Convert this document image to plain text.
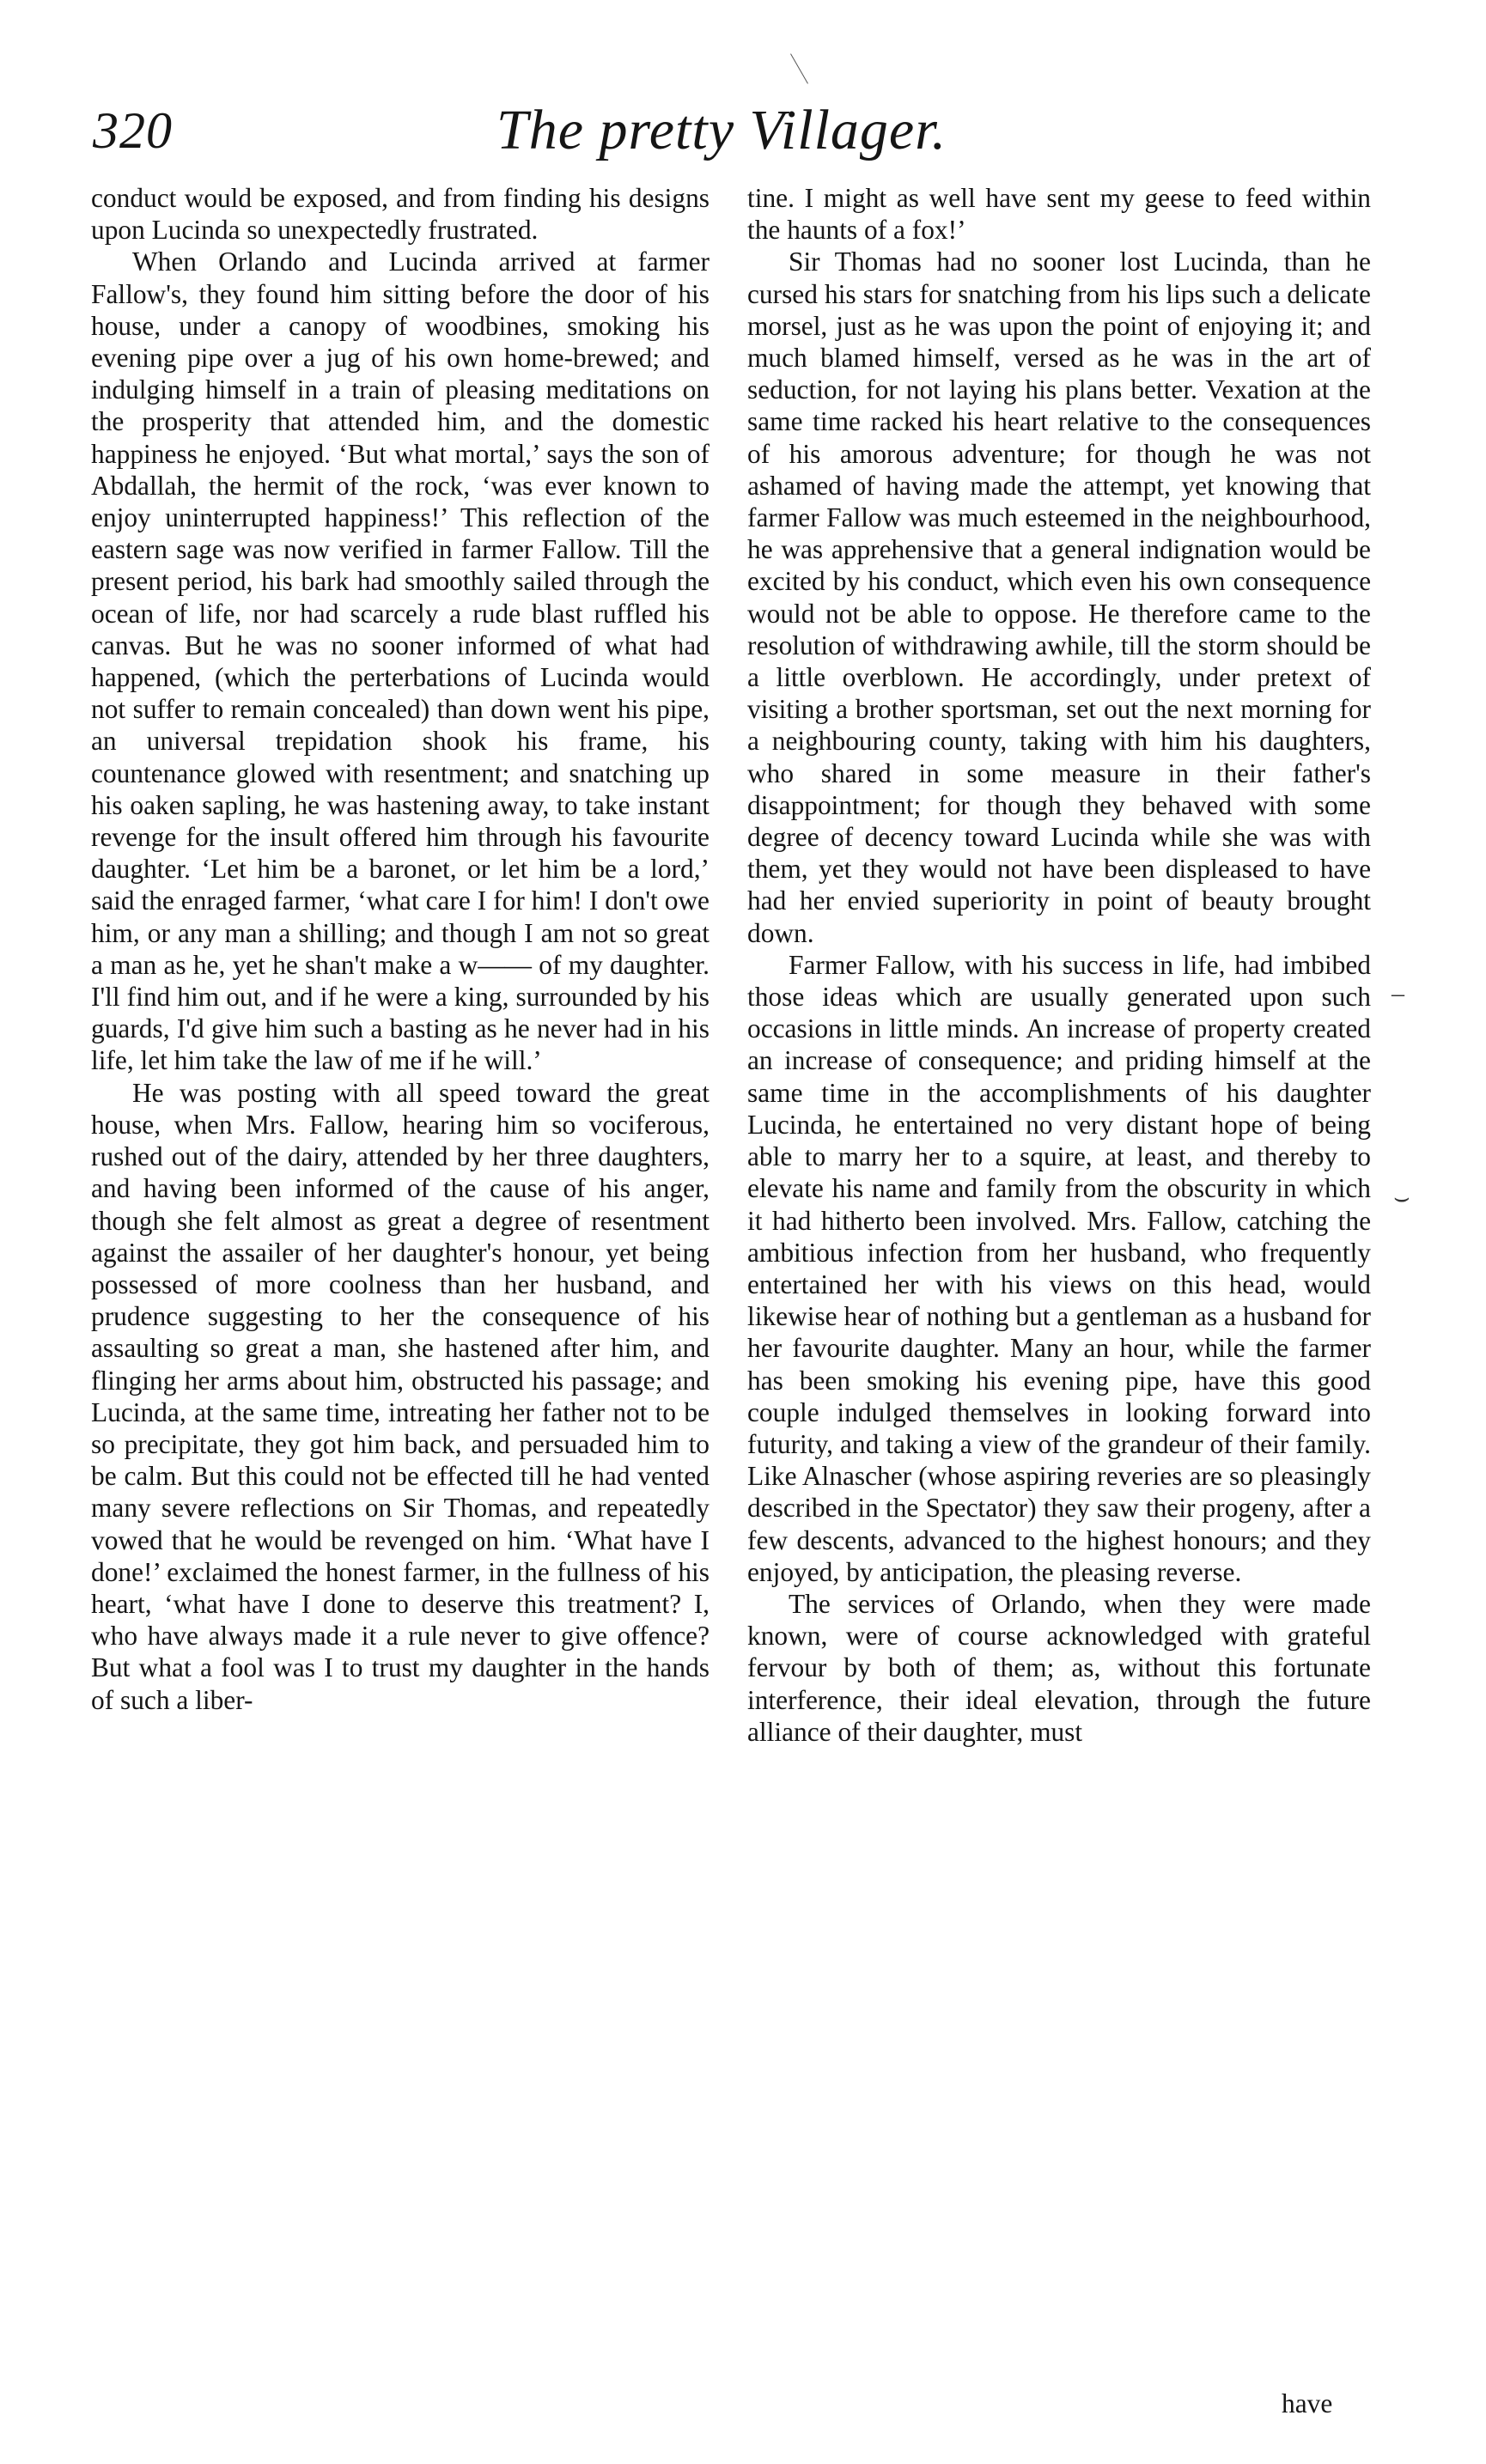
320	The pretty Villager.

conduct would be exposed, and from finding his designs upon Lucinda so unexpectedly frustrated.

When Orlando and Lucinda arrived at farmer Fallow's, they found him sitting before the door of his house, under a canopy of woodbines, smoking his evening pipe over a jug of his own home-brewed; and indulging himself in a train of pleasing meditations on the prosperity that attended him, and the domestic happiness he enjoyed. ‘But what mortal,’ says the son of Abdallah, the hermit of the rock, ‘was ever known to enjoy uninterrupted happiness!’ This reflection of the eastern sage was now verified in farmer Fallow. Till the present period, his bark had smoothly sailed through the ocean of life, nor had scarcely a rude blast ruffled his canvas. But he was no sooner informed of what had happened, (which the perterbations of Lucinda would not suffer to remain concealed) than down went his pipe, an universal trepidation shook his frame, his countenance glowed with resentment; and snatching up his oaken sapling, he was hastening away, to take instant revenge for the insult offered him through his favourite daughter. ‘Let him be a baronet, or let him be a lord,’ said the enraged farmer, ‘what care I for him! I don't owe him, or any man a shilling; and though I am not so great a man as he, yet he shan't make a w—— of my daughter. I'll find him out, and if he were a king, surrounded by his guards, I'd give him such a basting as he never had in his life, let him take the law of me if he will.’

He was posting with all speed toward the great house, when Mrs. Fallow, hearing him so vociferous, rushed out of the dairy, attended by her three daughters, and having been informed of the cause of his anger, though she felt almost as great a degree of resentment against the assailer of her daughter's honour, yet being possessed of more coolness than her husband, and prudence suggesting to her the consequence of his assaulting so great a man, she hastened after him, and flinging her arms about him, obstructed his passage; and Lucinda, at the same time, intreating her father not to be so precipitate, they got him back, and persuaded him to be calm. But this could not be effected till he had vented many severe reflections on Sir Thomas, and repeatedly vowed that he would be revenged on him. ‘What have I done!’ exclaimed the honest farmer, in the fullness of his heart, ‘what have I done to deserve this treatment? I, who have always made it a rule never to give offence? But what a fool was I to trust my daughter in the hands of such a liber-

tine. I might as well have sent my geese to feed within the haunts of a fox!’

Sir Thomas had no sooner lost Lucinda, than he cursed his stars for snatching from his lips such a delicate morsel, just as he was upon the point of enjoying it; and much blamed himself, versed as he was in the art of seduction, for not laying his plans better. Vexation at the same time racked his heart relative to the consequences of his amorous adventure; for though he was not ashamed of having made the attempt, yet knowing that farmer Fallow was much esteemed in the neighbourhood, he was apprehensive that a general indignation would be excited by his conduct, which even his own consequence would not be able to oppose. He therefore came to the resolution of withdrawing awhile, till the storm should be a little overblown. He accordingly, under pretext of visiting a brother sportsman, set out the next morning for a neighbouring county, taking with him his daughters, who shared in some measure in their father's disappointment; for though they behaved with some degree of decency toward Lucinda while she was with them, yet they would not have been displeased to have had her envied superiority in point of beauty brought down.

Farmer Fallow, with his success in life, had imbibed those ideas which are usually generated upon such occasions in little minds. An increase of property created an increase of consequence; and priding himself at the same time in the accomplishments of his daughter Lucinda, he entertained no very distant hope of being able to marry her to a squire, at least, and thereby to elevate his name and family from the obscurity in which it had hitherto been involved. Mrs. Fallow, catching the ambitious infection from her husband, who frequently entertained her with his views on this head, would likewise hear of nothing but a gentleman as a husband for her favourite daughter. Many an hour, while the farmer has been smoking his evening pipe, have this good couple indulged themselves in looking forward into futurity, and taking a view of the grandeur of their family. Like Alnascher (whose aspiring reveries are so pleasingly described in the Spectator) they saw their progeny, after a few descents, advanced to the highest honours; and they enjoyed, by anticipation, the pleasing reverse.

The services of Orlando, when they were made known, were of course acknowledged with grateful fervour by both of them; as, without this fortunate interference, their ideal elevation, through the future alliance of their daughter, must

have
–
⌣
